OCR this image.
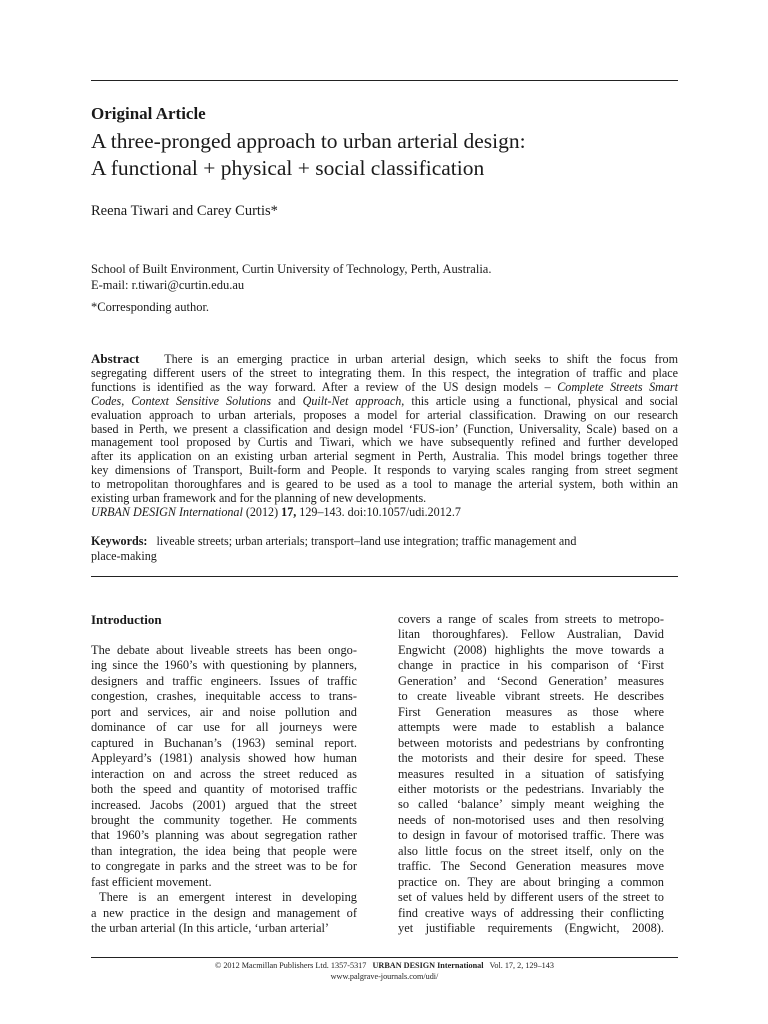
Original Article
A three-pronged approach to urban arterial design:
A functional + physical + social classification
Reena Tiwari and Carey Curtis*
School of Built Environment, Curtin University of Technology, Perth, Australia.
E-mail: r.tiwari@curtin.edu.au
*Corresponding author.
Abstract There is an emerging practice in urban arterial design, which seeks to shift the focus from
segregating different users of the street to integrating them. In this respect, the integration of traffic and place
functions is identified as the way forward. After a review of the US design models – Complete Streets Smart
Codes, Context Sensitive Solutions and Quilt-Net approach, this article using a functional, physical and social
evaluation approach to urban arterials, proposes a model for arterial classification. Drawing on our research
based in Perth, we present a classification and design model ‘FUS-ion’ (Function, Universality, Scale) based on a
management tool proposed by Curtis and Tiwari, which we have subsequently refined and further developed
after its application on an existing urban arterial segment in Perth, Australia. This model brings together three
key dimensions of Transport, Built-form and People. It responds to varying scales ranging from street segment
to metropolitan thoroughfares and is geared to be used as a tool to manage the arterial system, both within an
existing urban framework and for the planning of new developments.
URBAN DESIGN International (2012) 17, 129–143. doi:10.1057/udi.2012.7
Keywords: liveable streets; urban arterials; transport–land use integration; traffic management and
place-making
Introduction
The debate about liveable streets has been ongo-
ing since the 1960’s with questioning by planners,
designers and traffic engineers. Issues of traffic
congestion, crashes, inequitable access to trans-
port and services, air and noise pollution and
dominance of car use for all journeys were
captured in Buchanan’s (1963) seminal report.
Appleyard’s (1981) analysis showed how human
interaction on and across the street reduced as
both the speed and quantity of motorised traffic
increased. Jacobs (2001) argued that the street
brought the community together. He comments
that 1960’s planning was about segregation rather
than integration, the idea being that people were
to congregate in parks and the street was to be for
fast efficient movement.
There is an emergent interest in developing
a new practice in the design and management of
the urban arterial (In this article, ‘urban arterial’
covers a range of scales from streets to metropo-
litan thoroughfares). Fellow Australian, David
Engwicht (2008) highlights the move towards a
change in practice in his comparison of ‘First
Generation’ and ‘Second Generation’ measures
to create liveable vibrant streets. He describes
First Generation measures as those where
attempts were made to establish a balance
between motorists and pedestrians by confronting
the motorists and their desire for speed. These
measures resulted in a situation of satisfying
either motorists or the pedestrians. Invariably the
so called ‘balance’ simply meant weighing the
needs of non-motorised uses and then resolving
to design in favour of motorised traffic. There was
also little focus on the street itself, only on the
traffic. The Second Generation measures move
practice on. They are about bringing a common
set of values held by different users of the street to
find creative ways of addressing their conflicting
yet justifiable requirements (Engwicht, 2008).
© 2012 Macmillan Publishers Ltd. 1357-5317 URBAN DESIGN International Vol. 17, 2, 129–143
www.palgrave-journals.com/udi/
